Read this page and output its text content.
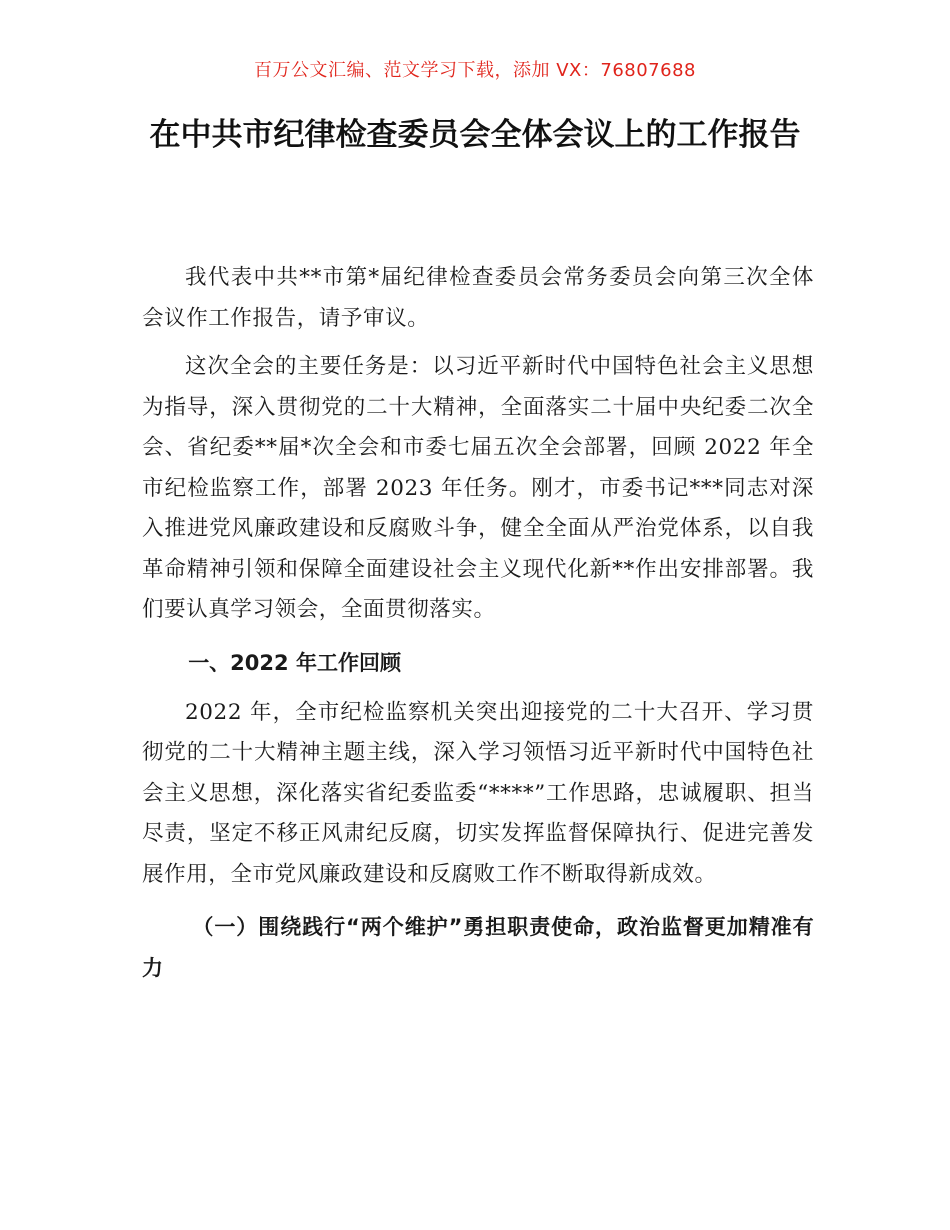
百万公文汇编、范文学习下载，添加 VX：76807688
在中共市纪律检查委员会全体会议上的工作报告

我代表中共**市第*届纪律检查委员会常务委员会向第三次全体会议作工作报告，请予审议。

这次全会的主要任务是：以习近平新时代中国特色社会主义思想为指导，深入贯彻党的二十大精神，全面落实二十届中央纪委二次全会、省纪委**届*次全会和市委七届五次全会部署，回顾 2022 年全市纪检监察工作，部署 2023 年任务。刚才，市委书记***同志对深入推进党风廉政建设和反腐败斗争，健全全面从严治党体系，以自我革命精神引领和保障全面建设社会主义现代化新**作出安排部署。我们要认真学习领会，全面贯彻落实。

一、2022 年工作回顾

2022 年，全市纪检监察机关突出迎接党的二十大召开、学习贯彻党的二十大精神主题主线，深入学习领悟习近平新时代中国特色社会主义思想，深化落实省纪委监委“****”工作思路，忠诚履职、担当尽责，坚定不移正风肃纪反腐，切实发挥监督保障执行、促进完善发展作用，全市党风廉政建设和反腐败工作不断取得新成效。

（一）围绕践行“两个维护”勇担职责使命，政治监督更加精准有力
